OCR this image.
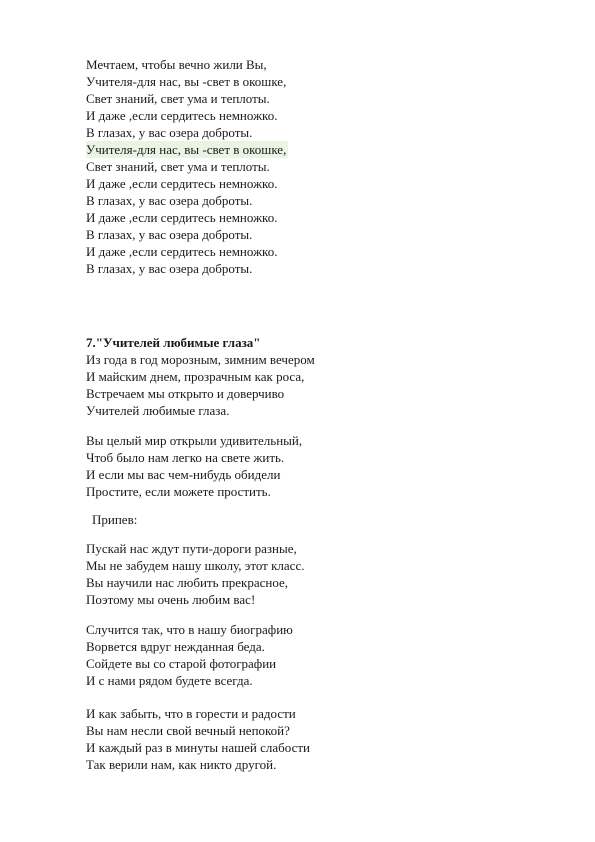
Мечтаем, чтобы вечно жили Вы,
Учителя-для нас, вы -свет в окошке,
Свет знаний, свет ума и теплоты.
И даже ,если сердитесь немножко.
В глазах, у вас озера доброты.
Учителя-для нас, вы -свет в окошке,
Свет знаний, свет ума и теплоты.
И даже ,если сердитесь немножко.
В глазах, у вас озера доброты.
И даже ,если сердитесь немножко.
В глазах, у вас озера доброты.
И даже ,если сердитесь немножко.
В глазах, у вас озера доброты.
7."Учителей любимые глаза"
Из года в год морозным, зимним вечером
И майским днем, прозрачным как роса,
Встречаем мы открыто и доверчиво
Учителей любимые глаза.
Вы целый мир открыли удивительный,
Чтоб было нам легко на свете жить.
И если мы вас чем-нибудь обидели
Простите, если можете простить.
Припев:
Пускай нас ждут пути-дороги разные,
Мы не забудем нашу школу, этот класс.
Вы научили нас любить прекрасное,
Поэтому мы очень любим вас!
Случится так, что в нашу биографию
Ворвется вдруг нежданная беда.
Сойдете вы со старой фотографии
И с нами рядом будете всегда.
И как забыть, что в горести и радости
Вы нам несли свой вечный непокой?
И каждый раз в минуты нашей слабости
Так верили нам, как никто другой.
